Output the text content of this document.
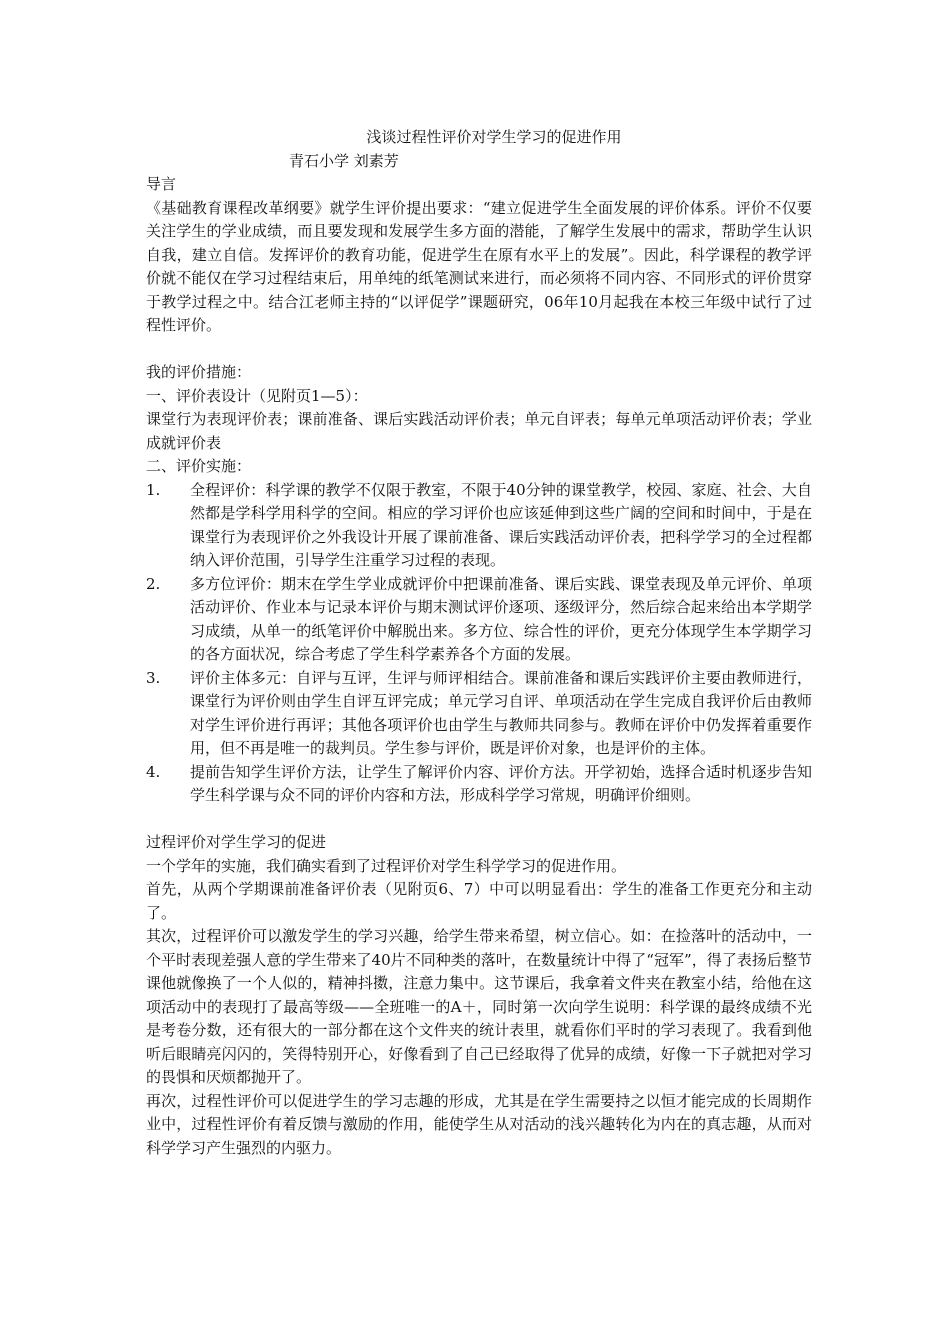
浅谈过程性评价对学生学习的促进作用

青石小学 刘素芳

导言

《基础教育课程改革纲要》就学生评价提出要求：“建立促进学生全面发展的评价体系。评价不仅要关注学生的学业成绩，而且要发现和发展学生多方面的潜能，了解学生发展中的需求，帮助学生认识自我，建立自信。发挥评价的教育功能，促进学生在原有水平上的发展”。因此，科学课程的教学评价就不能仅在学习过程结束后，用单纯的纸笔测试来进行，而必须将不同内容、不同形式的评价贯穿于教学过程之中。结合江老师主持的“以评促学”课题研究，06年10月起我在本校三年级中试行了过程性评价。

我的评价措施：

一、评价表设计（见附页1—5）：

课堂行为表现评价表；课前准备、课后实践活动评价表；单元自评表；每单元单项活动评价表；学业成就评价表

二、评价实施：

1.	全程评价：科学课的教学不仅限于教室，不限于40分钟的课堂教学，校园、家庭、社会、大自然都是学科学用科学的空间。相应的学习评价也应该延伸到这些广阔的空间和时间中，于是在课堂行为表现评价之外我设计开展了课前准备、课后实践活动评价表，把科学学习的全过程都纳入评价范围，引导学生注重学习过程的表现。
2.	多方位评价：期末在学生学业成就评价中把课前准备、课后实践、课堂表现及单元评价、单项活动评价、作业本与记录本评价与期末测试评价逐项、逐级评分，然后综合起来给出本学期学习成绩，从单一的纸笔评价中解脱出来。多方位、综合性的评价，更充分体现学生本学期学习的各方面状况，综合考虑了学生科学素养各个方面的发展。
3.	评价主体多元：自评与互评，生评与师评相结合。课前准备和课后实践评价主要由教师进行，课堂行为评价则由学生自评互评完成；单元学习自评、单项活动在学生完成自我评价后由教师对学生评价进行再评；其他各项评价也由学生与教师共同参与。教师在评价中仍发挥着重要作用，但不再是唯一的裁判员。学生参与评价，既是评价对象，也是评价的主体。
4.	提前告知学生评价方法，让学生了解评价内容、评价方法。开学初始，选择合适时机逐步告知学生科学课与众不同的评价内容和方法，形成科学学习常规，明确评价细则。

过程评价对学生学习的促进

一个学年的实施，我们确实看到了过程评价对学生科学学习的促进作用。

首先，从两个学期课前准备评价表（见附页6、7）中可以明显看出：学生的准备工作更充分和主动了。

其次，过程评价可以激发学生的学习兴趣，给学生带来希望，树立信心。如：在捡落叶的活动中，一个平时表现差强人意的学生带来了40片不同种类的落叶，在数量统计中得了“冠军”，得了表扬后整节课他就像换了一个人似的，精神抖擞，注意力集中。这节课后，我拿着文件夹在教室小结，给他在这项活动中的表现打了最高等级——全班唯一的A＋，同时第一次向学生说明：科学课的最终成绩不光是考卷分数，还有很大的一部分都在这个文件夹的统计表里，就看你们平时的学习表现了。我看到他听后眼睛亮闪闪的，笑得特别开心，好像看到了自己已经取得了优异的成绩，好像一下子就把对学习的畏惧和厌烦都抛开了。

再次，过程性评价可以促进学生的学习志趣的形成，尤其是在学生需要持之以恒才能完成的长周期作业中，过程性评价有着反馈与激励的作用，能使学生从对活动的浅兴趣转化为内在的真志趣，从而对科学学习产生强烈的内驱力。
